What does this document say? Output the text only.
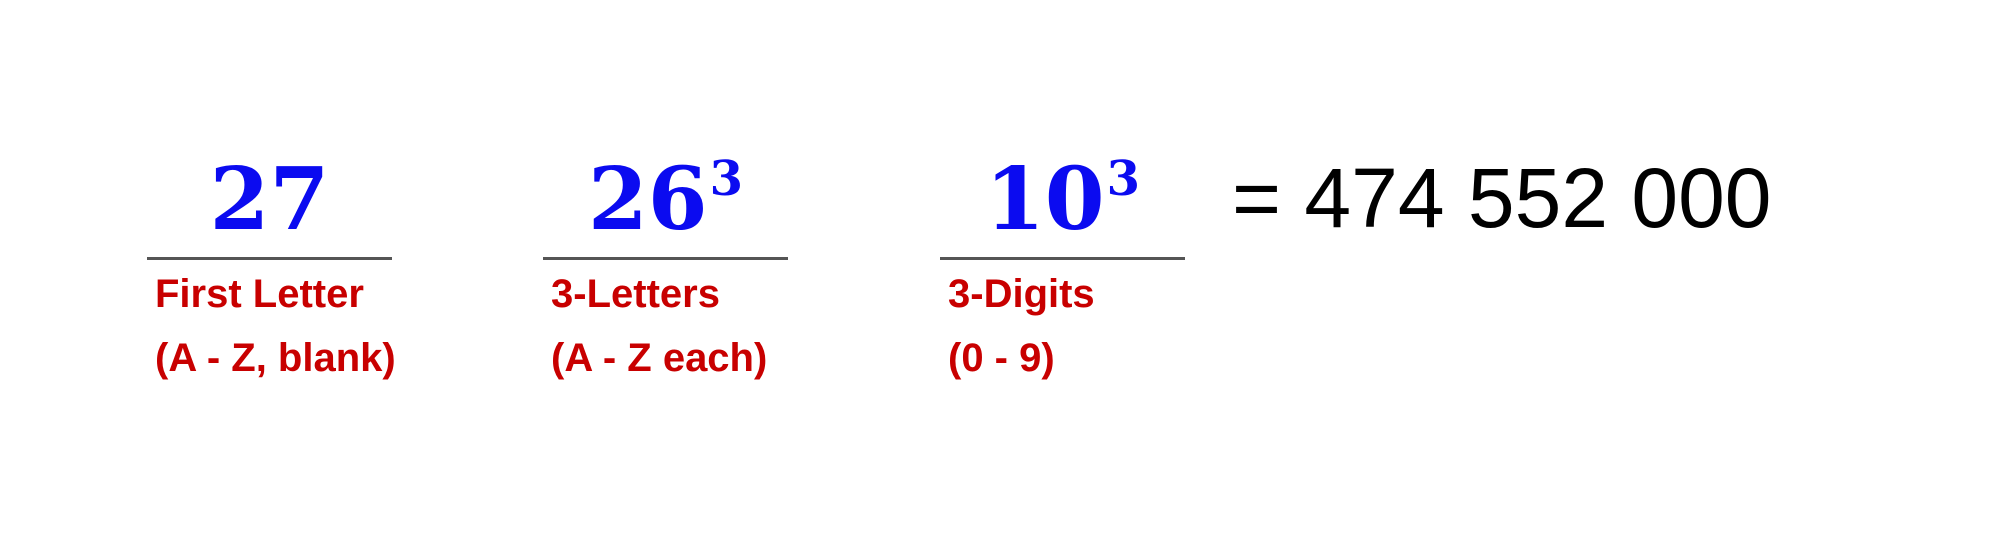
27
First Letter
(A - Z, blank)
$26^3$
3-Letters
(A - Z each)
$10^3$
3-Digits
(0 - 9)
= 474 552 000
